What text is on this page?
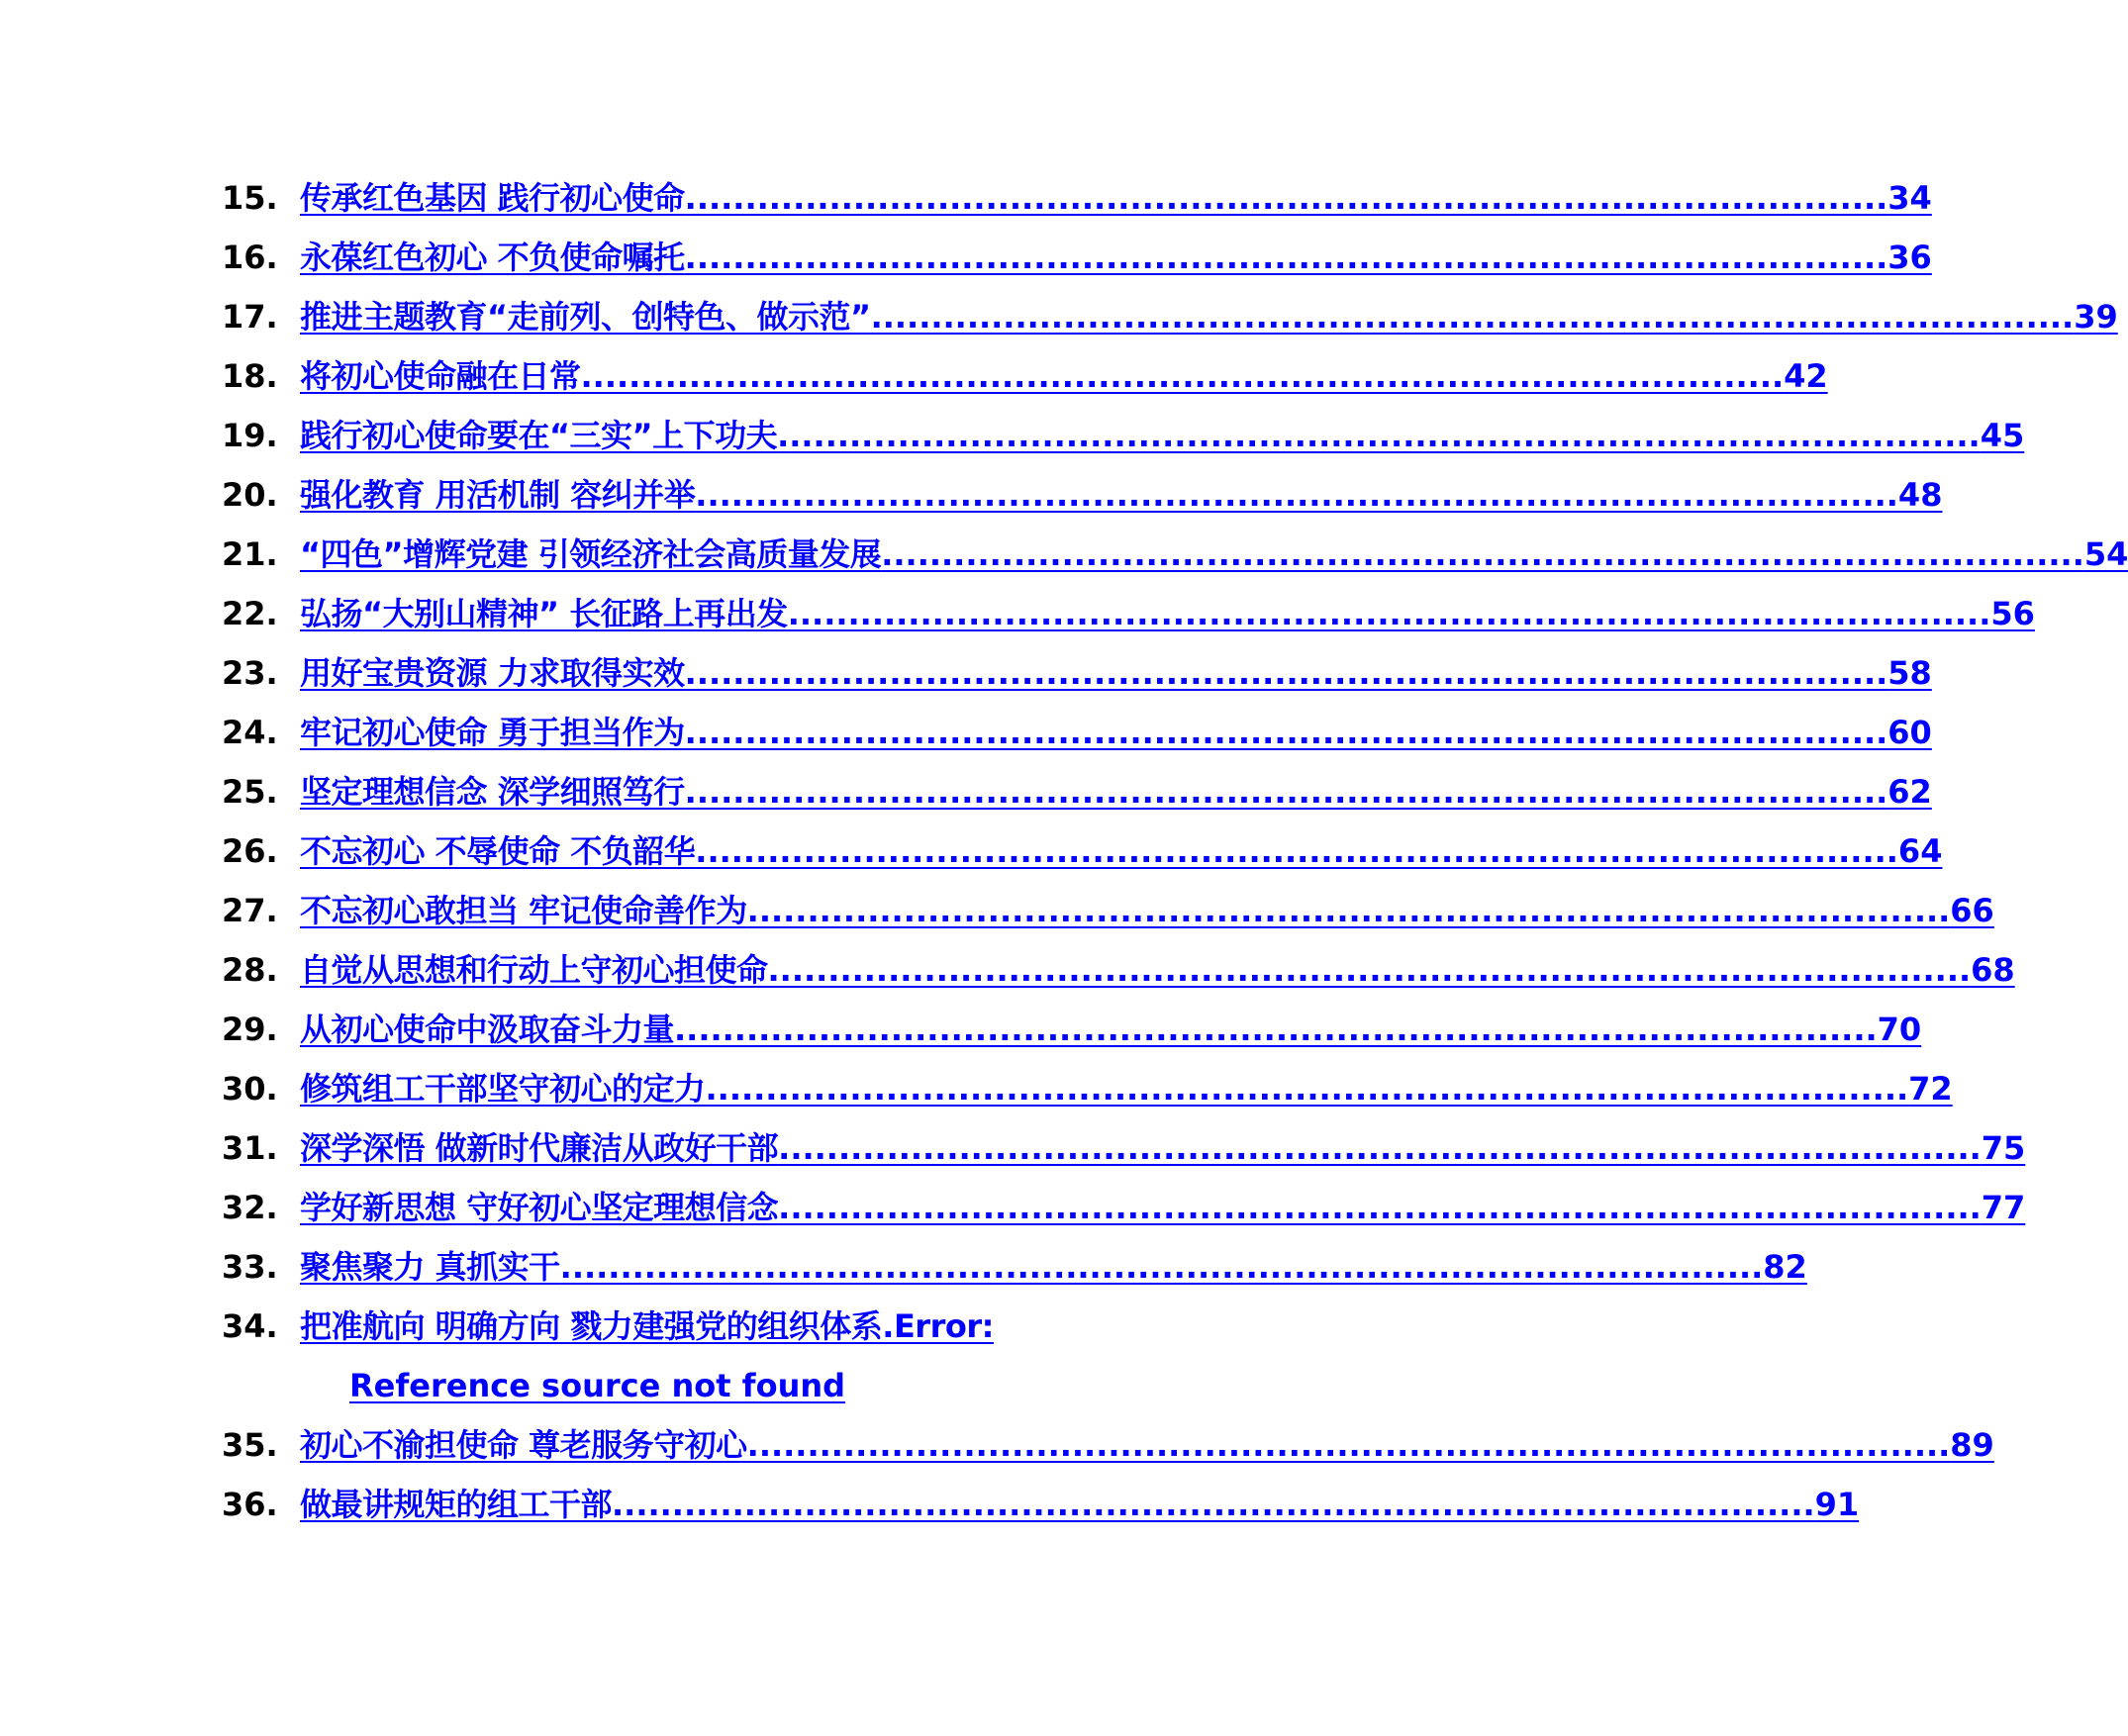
15. 传承红色基因 践行初心使命 .................................................................................................... 34
16. 永葆红色初心 不负使命嘱托 .................................................................................................... 36
17. 推进主题教育“走前列、创特色、做示范” .................................................................................................... 39
18. 将初心使命融在日常 .................................................................................................... 42
19. 践行初心使命要在“三实”上下功夫 .................................................................................................... 45
20. 强化教育 用活机制 容纠并举 .................................................................................................... 48
21. “四色”增辉党建 引领经济社会高质量发展 .................................................................................................... 54
22. 弘扬“大别山精神” 长征路上再出发 .................................................................................................... 56
23. 用好宝贵资源 力求取得实效 .................................................................................................... 58
24. 牢记初心使命 勇于担当作为 .................................................................................................... 60
25. 坚定理想信念 深学细照笃行 .................................................................................................... 62
26. 不忘初心 不辱使命 不负韶华 .................................................................................................... 64
27. 不忘初心敢担当 牢记使命善作为 .................................................................................................... 66
28. 自觉从思想和行动上守初心担使命 .................................................................................................... 68
29. 从初心使命中汲取奋斗力量 .................................................................................................... 70
30. 修筑组工干部坚守初心的定力 .................................................................................................... 72
31. 深学深悟 做新时代廉洁从政好干部 .................................................................................................... 75
32. 学好新思想 守好初心坚定理想信念 .................................................................................................... 77
33. 聚焦聚力 真抓实干 .................................................................................................... 82
34. 把准航向 明确方向 戮力建强党的组织体系.Error:
Reference source not found
35. 初心不渝担使命 尊老服务守初心 .................................................................................................... 89
36. 做最讲规矩的组工干部 .................................................................................................... 91
